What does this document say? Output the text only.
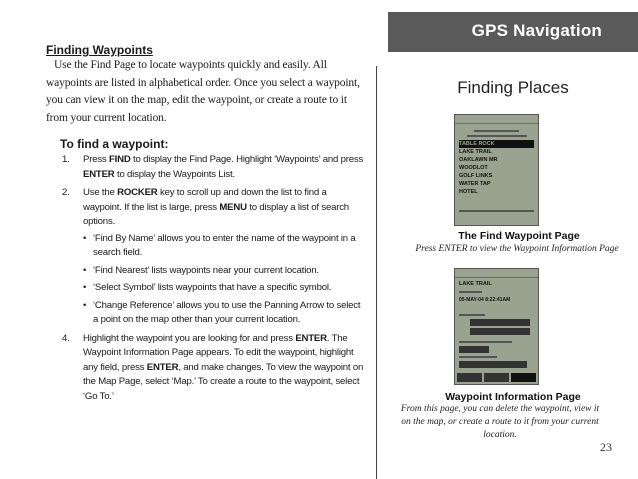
GPS Navigation

Finding Waypoints

Use the Find Page to locate waypoints quickly and easily. All waypoints are listed in alphabetical order. Once you select a waypoint, you can view it on the map, edit the waypoint, or create a route to it from your current location.

To find a waypoint:

1. Press FIND to display the Find Page. Highlight ‘Waypoints’ and press ENTER to display the Waypoints List.
2. Use the ROCKER key to scroll up and down the list to find a waypoint. If the list is large, press MENU to display a list of search options.
• ‘Find By Name’ allows you to enter the name of the waypoint in a search field.
• ‘Find Nearest’ lists waypoints near your current location.
• ‘Select Symbol’ lists waypoints that have a specific symbol.
• ‘Change Reference’ allows you to use the Panning Arrow to select a point on the map other than your current location.
4. Highlight the waypoint you are looking for and press ENTER. The Waypoint Information Page appears. To edit the waypoint, highlight any field, press ENTER, and make changes. To view the waypoint on the Map Page, select ‘Map.’ To create a route to the waypoint, select ‘Go To.’
Finding Places
TABLE ROCK
LAKE TRAIL
OAKLAWN MR
WOODLOT
GOLF LINKS
WATER TAP
HOTEL
The Find Waypoint Page
Press ENTER to view the Waypoint Information Page
LAKE TRAIL
05-MAY-04 8:22:41AM
Waypoint Information Page
From this page, you can delete the waypoint, view it on the map, or create a route to it from your current location.
23
